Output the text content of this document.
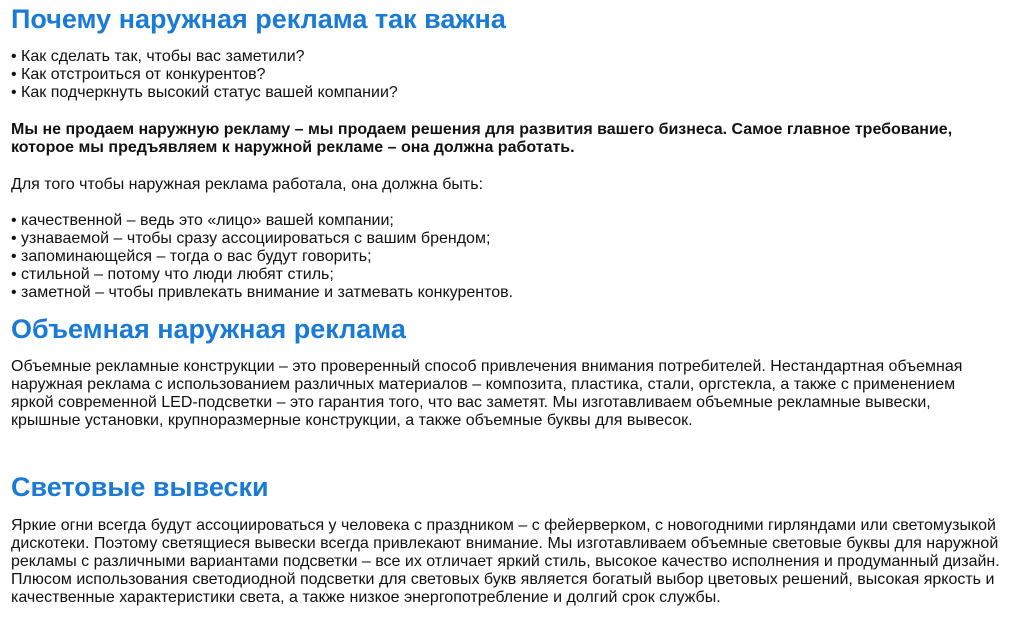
Почему наружная реклама так важна
• Как сделать так, чтобы вас заметили?
• Как отстроиться от конкурентов?
• Как подчеркнуть высокий статус вашей компании?

Мы не продаем наружную рекламу – мы продаем решения для развития вашего бизнеса. Самое главное требование, которое мы предъявляем к наружной рекламе – она должна работать.

Для того чтобы наружная реклама работала, она должна быть:

• качественной – ведь это «лицо» вашей компании;
• узнаваемой – чтобы сразу ассоциироваться с вашим брендом;
• запоминающейся – тогда о вас будут говорить;
• стильной – потому что люди любят стиль;
• заметной – чтобы привлекать внимание и затмевать конкурентов.
Объемная наружная реклама

Объемные рекламные конструкции – это проверенный способ привлечения внимания потребителей. Нестандартная объемная наружная реклама с использованием различных материалов – композита, пластика, стали, оргстекла, а также с применением яркой современной LED-подсветки – это гарантия того, что вас заметят. Мы изготавливаем объемные рекламные вывески, крышные установки, крупноразмерные конструкции, а также объемные буквы для вывесок.

Световые вывески

Яркие огни всегда будут ассоциироваться у человека с праздником – с фейерверком, с новогодними гирляндами или светомузыкой дискотеки. Поэтому светящиеся вывески всегда привлекают внимание. Мы изготавливаем объемные световые буквы для наружной рекламы с различными вариантами подсветки – все их отличает яркий стиль, высокое качество исполнения и продуманный дизайн. Плюсом использования светодиодной подсветки для световых букв является богатый выбор цветовых решений, высокая яркость и качественные характеристики света, а также низкое энергопотребление и долгий срок службы.
